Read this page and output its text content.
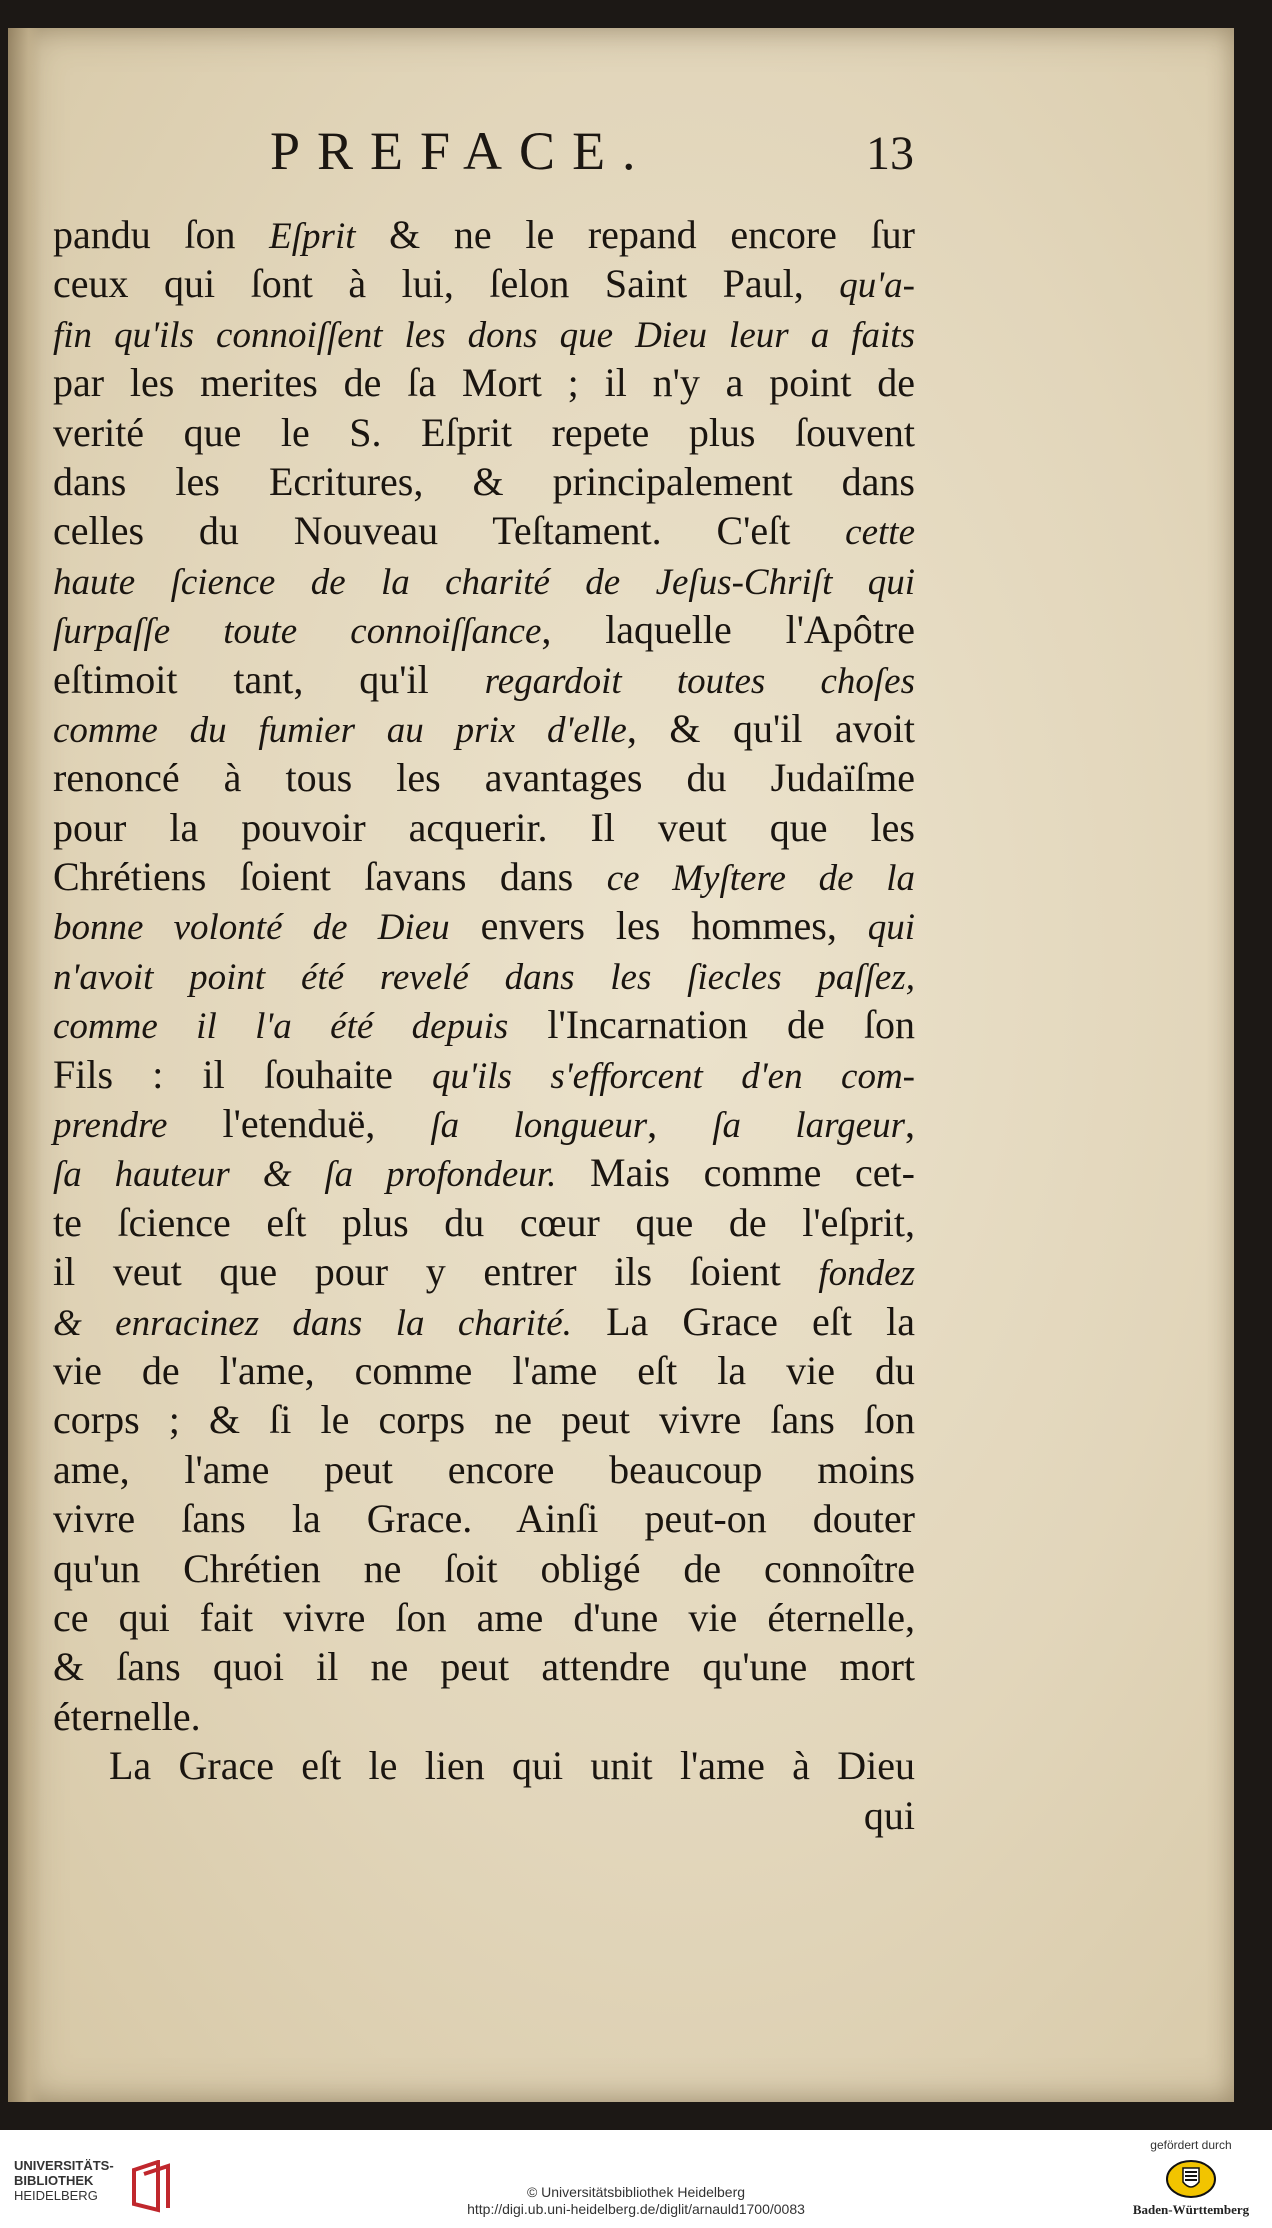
PREFACE.	13
pandu ſon Eſprit & ne le repand encore ſur
ceux qui ſont à lui, ſelon Saint Paul, qu'a-
fin qu'ils connoiſſent les dons que Dieu leur a faits
par les merites de ſa Mort ; il n'y a point de
verité que le S. Eſprit repete plus ſouvent
dans les Ecritures, & principalement dans
celles du Nouveau Teſtament. C'eſt cette
haute ſcience de la charité de Jeſus-Chriſt qui
ſurpaſſe toute connoiſſance, laquelle l'Apôtre
eſtimoit tant, qu'il regardoit toutes choſes
comme du fumier au prix d'elle, & qu'il avoit
renoncé à tous les avantages du Judaïſme
pour la pouvoir acquerir. Il veut que les
Chrétiens ſoient ſavans dans ce Myſtere de la
bonne volonté de Dieu envers les hommes, qui
n'avoit point été revelé dans les ſiecles paſſez,
comme il l'a été depuis l'Incarnation de ſon
Fils : il ſouhaite qu'ils s'efforcent d'en com-
prendre l'etenduë, ſa longueur, ſa largeur,
ſa hauteur & ſa profondeur. Mais comme cet-
te ſcience eſt plus du cœur que de l'eſprit,
il veut que pour y entrer ils ſoient fondez
& enracinez dans la charité. La Grace eſt la
vie de l'ame, comme l'ame eſt la vie du
corps ; & ſi le corps ne peut vivre ſans ſon
ame, l'ame peut encore beaucoup moins
vivre ſans la Grace. Ainſi peut-on douter
qu'un Chrétien ne ſoit obligé de connoître
ce qui fait vivre ſon ame d'une vie éternelle,
& ſans quoi il ne peut attendre qu'une mort
éternelle.
La Grace eſt le lien qui unit l'ame à Dieu
qui
UNIVERSITÄTS-
BIBLIOTHEK
HEIDELBERG	© Universitätsbibliothek Heidelberg
http://digi.ub.uni-heidelberg.de/diglit/arnauld1700/0083
gefördert durch
Baden-Württemberg
